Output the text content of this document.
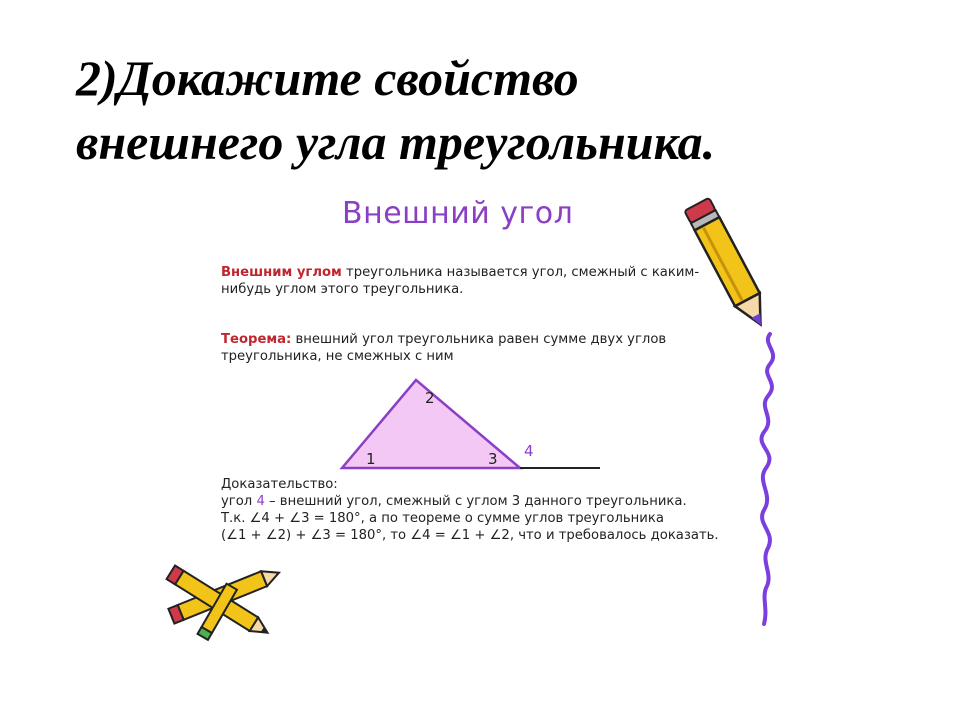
2)Докажите свойство
внешнего угла треугольника.
Внешний угол
Внешним углом треугольника называется угол, смежный с каким-нибудь углом этого треугольника.
Теорема: внешний угол треугольника равен сумме двух углов треугольника, не смежных с ним
1
2
3 4
Доказательство:
угол 4 – внешний угол, смежный с углом 3 данного треугольника.
Т.к. ∠4 + ∠3 = 180°, а по теореме о сумме углов треугольника
(∠1 + ∠2) + ∠3 = 180°, то ∠4 = ∠1 + ∠2, что и требовалось доказать.
